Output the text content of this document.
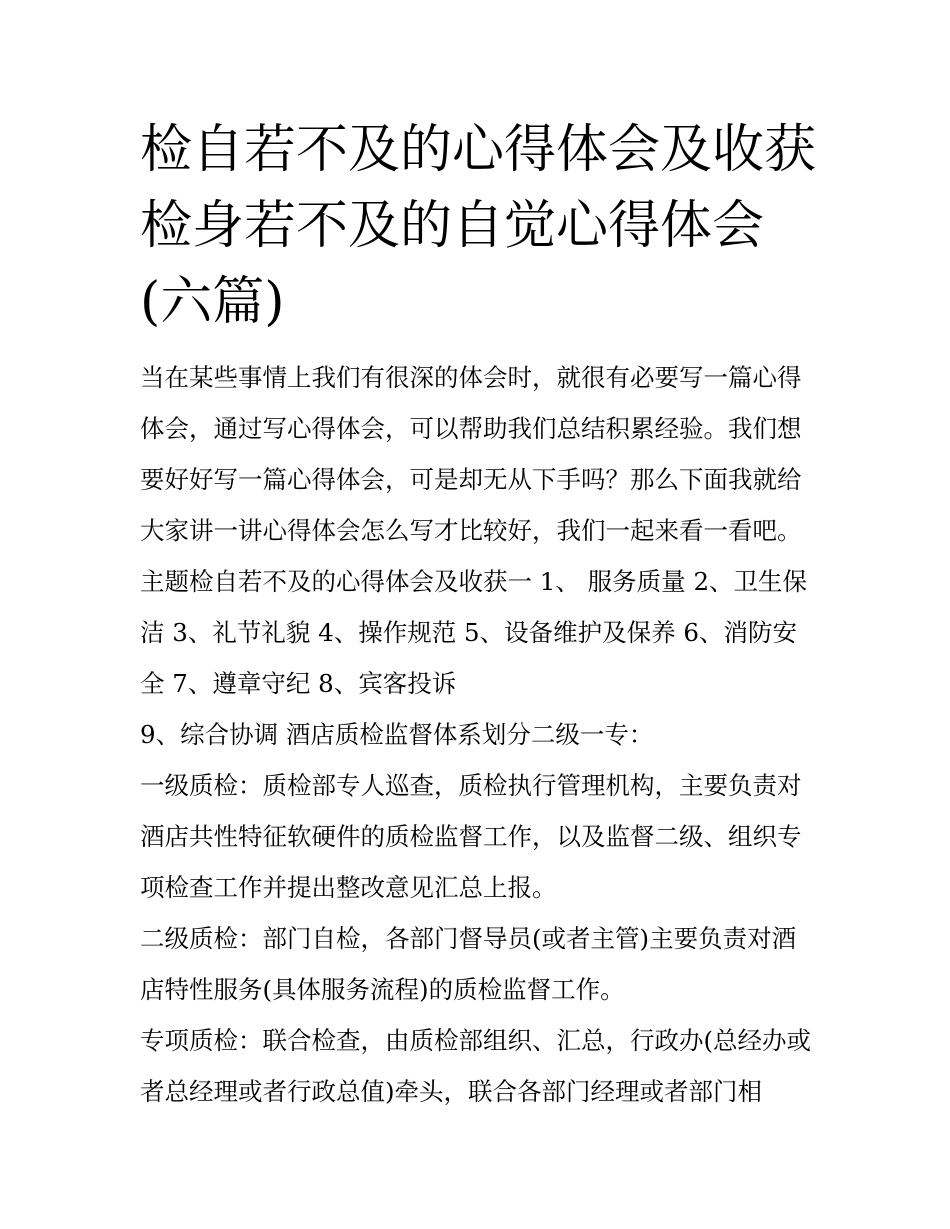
检自若不及的心得体会及收获检身若不及的自觉心得体会(六篇)

当在某些事情上我们有很深的体会时，就很有必要写一篇心得体会，通过写心得体会，可以帮助我们总结积累经验。我们想要好好写一篇心得体会，可是却无从下手吗？那么下面我就给大家讲一讲心得体会怎么写才比较好，我们一起来看一看吧。

主题检自若不及的心得体会及收获一 1、 服务质量 2、卫生保洁 3、礼节礼貌 4、操作规范 5、设备维护及保养 6、消防安全 7、遵章守纪 8、宾客投诉

9、综合协调 酒店质检监督体系划分二级一专：

一级质检：质检部专人巡查，质检执行管理机构，主要负责对酒店共性特征软硬件的质检监督工作，以及监督二级、组织专项检查工作并提出整改意见汇总上报。

二级质检：部门自检，各部门督导员(或者主管)主要负责对酒店特性服务(具体服务流程)的质检监督工作。

专项质检：联合检查，由质检部组织、汇总，行政办(总经办或者总经理或者行政总值)牵头，联合各部门经理或者部门相
